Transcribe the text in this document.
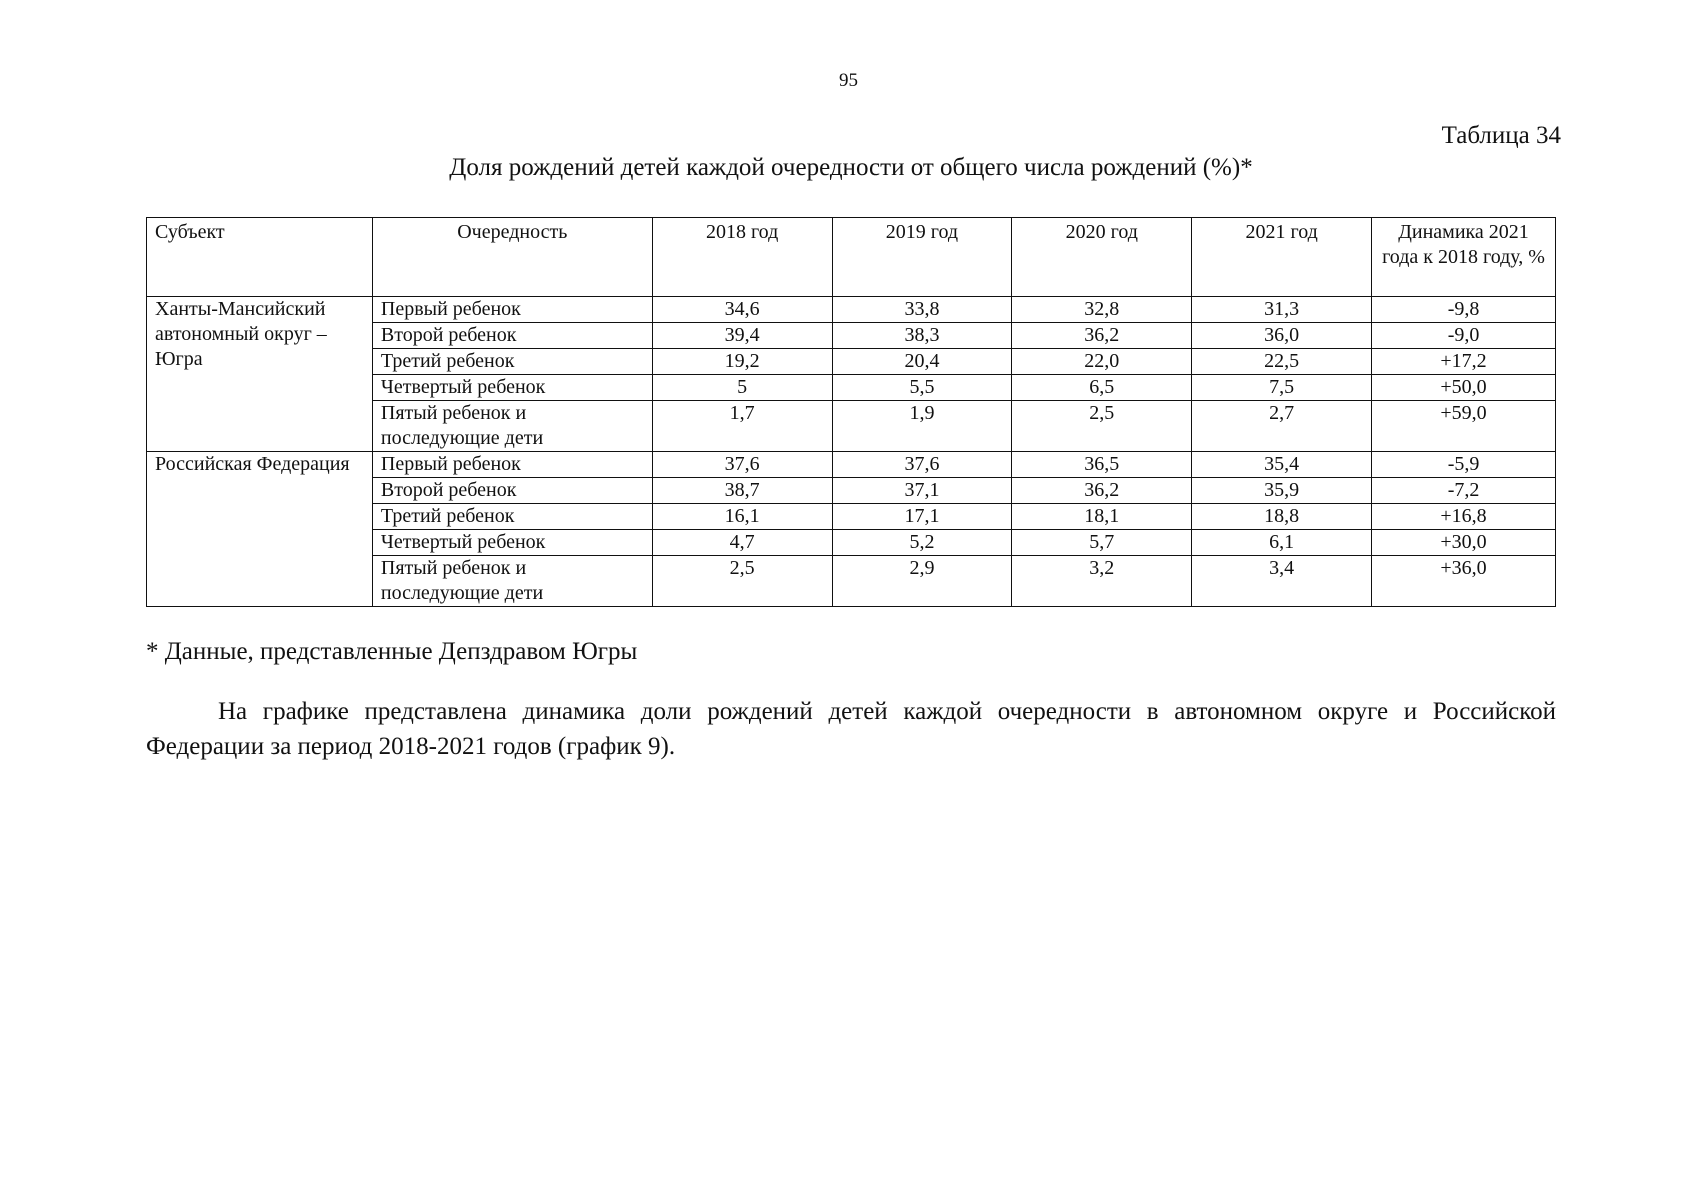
95
Таблица 34
Доля рождений детей каждой очередности от общего числа рождений (%)*
Субъект	Очередность	2018 год	2019 год	2020 год	2021 год	Динамика 2021 года к 2018 году, %
Ханты-Мансийский автономный округ – Югра	Первый ребенок	34,6	33,8	32,8	31,3	-9,8
	Второй ребенок	39,4	38,3	36,2	36,0	-9,0
	Третий ребенок	19,2	20,4	22,0	22,5	+17,2
	Четвертый ребенок	5	5,5	6,5	7,5	+50,0
	Пятый ребенок и последующие дети	1,7	1,9	2,5	2,7	+59,0
Российская Федерация	Первый ребенок	37,6	37,6	36,5	35,4	-5,9
	Второй ребенок	38,7	37,1	36,2	35,9	-7,2
	Третий ребенок	16,1	17,1	18,1	18,8	+16,8
	Четвертый ребенок	4,7	5,2	5,7	6,1	+30,0
	Пятый ребенок и последующие дети	2,5	2,9	3,2	3,4	+36,0
* Данные, представленные Депздравом Югры
На графике представлена динамика доли рождений детей каждой очередности в автономном округе и Российской Федерации за период 2018-2021 годов (график 9).
